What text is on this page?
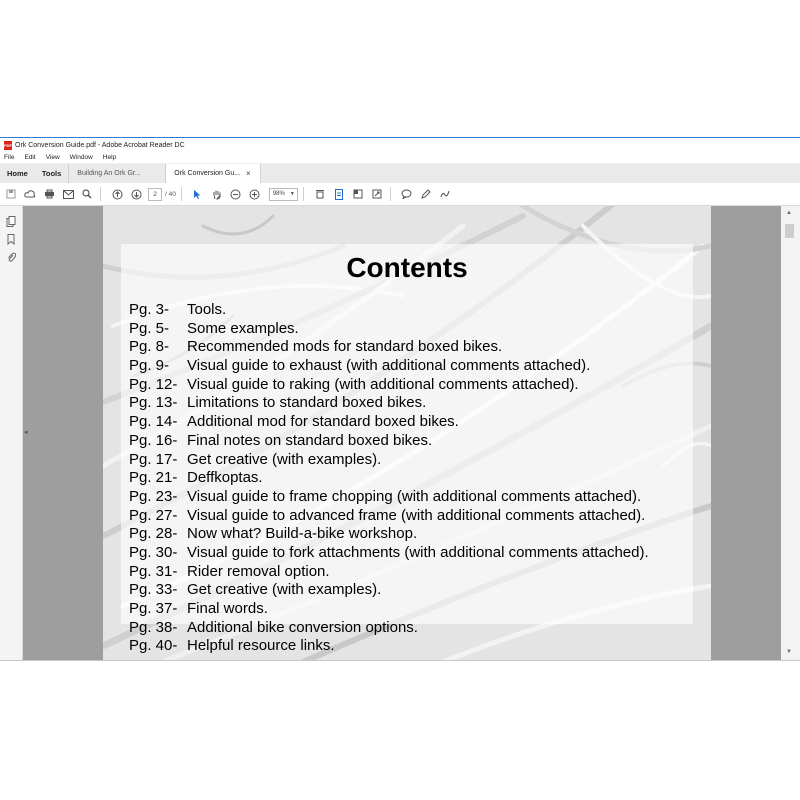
PDF Ork Conversion Guide.pdf - Adobe Acrobat Reader DC
File Edit View Window Help
Home	Tools	Building An Ork Gr...	Ork Conversion Gu... ×
2	/ 40	98% ▼
Contents
Pg. 3-	Tools.
Pg. 5-	Some examples.
Pg. 8-	Recommended mods for standard boxed bikes.
Pg. 9-	Visual guide to exhaust (with additional comments attached).
Pg. 12- Visual guide to raking (with additional comments attached).
Pg. 13- Limitations to standard boxed bikes.
Pg. 14- Additional mod for standard boxed bikes.
Pg. 16- Final notes on standard boxed bikes.
Pg. 17- Get creative (with examples).
Pg. 21- Deffkoptas.
Pg. 23- Visual guide to frame chopping (with additional comments attached).
Pg. 27- Visual guide to advanced frame (with additional comments attached).
Pg. 28- Now what? Build-a-bike workshop.
Pg. 30- Visual guide to fork attachments (with additional comments attached).
Pg. 31- Rider removal option.
Pg. 33- Get creative (with examples).
Pg. 37- Final words.
Pg. 38- Additional bike conversion options.
Pg. 40- Helpful resource links.
◂
▲
▼
